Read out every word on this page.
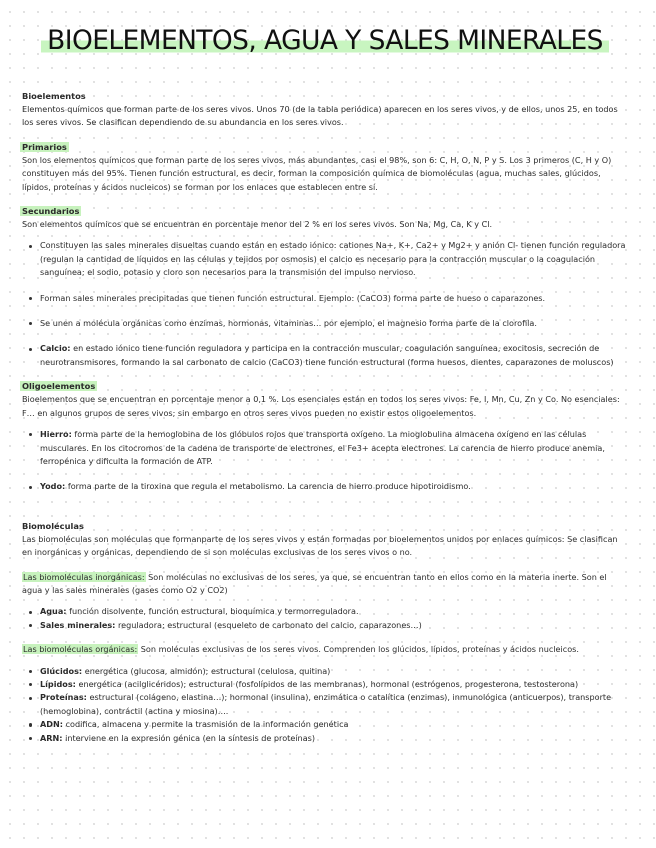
BIOELEMENTOS, AGUA Y SALES MINERALES
Bioelementos

Elementos químicos que forman parte de los seres vivos. Unos 70 (de la tabla periódica) aparecen en los seres vivos, y de ellos, unos 25, en todos los seres vivos. Se clasifican dependiendo de su abundancia en los seres vivos.

Primarios

Son los elementos químicos que forman parte de los seres vivos, más abundantes, casi el 98%, son 6: C, H, O, N, P y S. Los 3 primeros (C, H y O) constituyen más del 95%. Tienen función estructural, es decir, forman la composición química de biomoléculas (agua, muchas sales, glúcidos, lípidos, proteínas y ácidos nucleicos) se forman por los enlaces que establecen entre sí.

Secundarios

Son elementos químicos que se encuentran en porcentaje menor del 2 % en los seres vivos. Son Na, Mg, Ca, K y Cl.

Constituyen las sales minerales disueltas cuando están en estado iónico: cationes Na+, K+, Ca2+ y Mg2+ y anión Cl- tienen función reguladora (regulan la cantidad de líquidos en las células y tejidos por osmosis) el calcio es necesario para la contracción muscular o la coagulación sanguínea; el sodio, potasio y cloro son necesarios para la transmisión del impulso nervioso.
Forman sales minerales precipitadas que tienen función estructural. Ejemplo: (CaCO3) forma parte de hueso o caparazones.
Se unen a molécula orgánicas como enzimas, hormonas, vitaminas… por ejemplo, el magnesio forma parte de la clorofila.
Calcio: en estado iónico tiene función reguladora y participa en la contracción muscular, coagulación sanguínea, exocitosis, secreción de neurotransmisores, formando la sal carbonato de calcio (CaCO3) tiene función estructural (forma huesos, dientes, caparazones de moluscos)
Oligoelementos

Bioelementos que se encuentran en porcentaje menor a 0,1 %. Los esenciales están en todos los seres vivos: Fe, I, Mn, Cu, Zn y Co. No esenciales: F… en algunos grupos de seres vivos; sin embargo en otros seres vivos pueden no existir estos oligoelementos.

Hierro: forma parte de la hemoglobina de los glóbulos rojos que transporta oxígeno. La mioglobulina almacena oxígeno en las células musculares. En los citocromos de la cadena de transporte de electrones, el Fe3+ acepta electrones. La carencia de hierro produce anemia, ferropénica y dificulta la formación de ATP.
Yodo: forma parte de la tiroxina que regula el metabolismo. La carencia de hierro produce hipotiroidismo.
Biomoléculas

Las biomoléculas son moléculas que formanparte de los seres vivos y están formadas por bioelementos unidos por enlaces químicos: Se clasifican en inorgánicas y orgánicas, dependiendo de si son moléculas exclusivas de los seres vivos o no.

Las biomoléculas inorgánicas: Son moléculas no exclusivas de los seres, ya que, se encuentran tanto en ellos como en la materia inerte. Son el agua y las sales minerales (gases como O2 y CO2)

Agua: función disolvente, función estructural, bioquímica y termorreguladora.
Sales minerales: reguladora; estructural (esqueleto de carbonato del calcio, caparazones…)

Las biomoléculas orgánicas: Son moléculas exclusivas de los seres vivos. Comprenden los glúcidos, lípidos, proteínas y ácidos nucleicos.

Glúcidos: energética (glucosa, almidón); estructural (celulosa, quitina)
Lípidos: energética (acilglicéridos); estructural (fosfolípidos de las membranas), hormonal (estrógenos, progesterona, testosterona)
Proteínas: estructural (colágeno, elastina…); hormonal (insulina), enzimática o catalítica (enzimas), inmunológica (anticuerpos), transporte (hemoglobina), contráctil (actina y miosina)….
ADN: codifica, almacena y permite la trasmisión de la información genética
ARN: interviene en la expresión génica (en la síntesis de proteínas)
